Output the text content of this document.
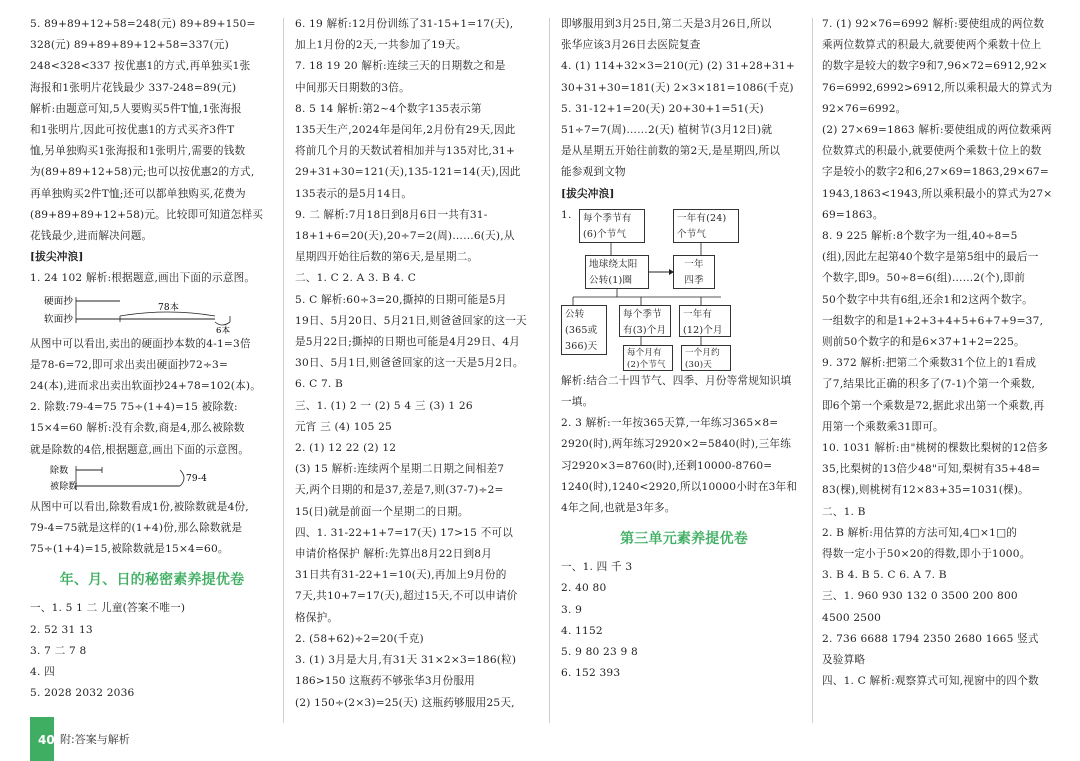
5. 89+89+12+58=248(元) 89+89+150=
328(元) 89+89+89+12+58=337(元)
248<328<337 按优惠1的方式,再单独买1张
海报和1张明片花钱最少 337-248=89(元)
解析:由题意可知,5人要购买5件T恤,1张海报
和1张明片,因此可按优惠1的方式买齐3件T
恤,另单独购买1张海报和1张明片,需要的钱数
为(89+89+12+58)元;也可以按优惠2的方式,
再单独购买2件T恤;还可以都单独购买,花费为
(89+89+89+12+58)元。比较即可知道怎样买
花钱最少,进而解决问题。
[拔尖冲浪]
1. 24 102 解析:根据题意,画出下面的示意图。
硬面抄
软面抄
78本
6本
从图中可以看出,卖出的硬面抄本数的4-1=3倍
是78-6=72,即可求出卖出硬面抄72÷3=
24(本),进而求出卖出软面抄24+78=102(本)。
2. 除数:79-4=75 75÷(1+4)=15 被除数:
15×4=60 解析:没有余数,商是4,那么被除数
就是除数的4倍,根据题意,画出下面的示意图。
除数
被除数
79-4
从图中可以看出,除数看成1份,被除数就是4份,
79-4=75就是这样的(1+4)份,那么除数就是
75÷(1+4)=15,被除数就是15×4=60。
年、月、日的秘密素养提优卷
一、1. 5 1 二 儿童(答案不唯一)
2. 52 31 13
3. 7 二 7 8
4. 四
5. 2028 2032 2036
6. 19 解析:12月份训练了31-15+1=17(天),
加上1月份的2天,一共参加了19天。
7. 18 19 20 解析:连续三天的日期数之和是
中间那天日期数的3倍。
8. 5 14 解析:第2~4个数字135表示第
135天生产,2024年是闰年,2月份有29天,因此
将前几个月的天数试着相加并与135对比,31+
29+31+30=121(天),135-121=14(天),因此
135表示的是5月14日。
9. 二 解析:7月18日到8月6日一共有31-
18+1+6=20(天),20÷7=2(周)……6(天),从
星期四开始往后数的第6天,是星期二。
二、1. C 2. A 3. B 4. C
5. C 解析:60÷3=20,撕掉的日期可能是5月
19日、5月20日、5月21日,则爸爸回家的这一天
是5月22日;撕掉的日期也可能是4月29日、4月
30日、5月1日,则爸爸回家的这一天是5月2日。
6. C 7. B
三、1. (1) 2 一 (2) 5 4 三 (3) 1 26
元宵 三 (4) 105 25
2. (1) 12 22 (2) 12
(3) 15 解析:连续两个星期二日期之间相差7
天,两个日期的和是37,差是7,则(37-7)÷2=
15(日)就是前面一个星期二的日期。
四、1. 31-22+1+7=17(天) 17>15 不可以
申请价格保护 解析:先算出8月22日到8月
31日共有31-22+1=10(天),再加上9月份的
7天,共10+7=17(天),超过15天,不可以申请价
格保护。
2. (58+62)÷2=20(千克)
3. (1) 3月是大月,有31天 31×2×3=186(粒)
186>150 这瓶药不够张华3月份服用
(2) 150÷(2×3)=25(天) 这瓶药够服用25天,
即够服用到3月25日,第二天是3月26日,所以
张华应该3月26日去医院复查
4. (1) 114+32×3=210(元) (2) 31+28+31+
30+31+30=181(天) 2×3×181=1086(千克)
5. 31-12+1=20(天) 20+30+1=51(天)
51÷7=7(周)……2(天) 植树节(3月12日)就
是从星期五开始往前数的第2天,是星期四,所以
能参观到文物
[拔尖冲浪]
1.	每个季节有(6)个节气
一年有(24)个节气
地球绕太阳公转(1)圈
一年
四季
公转(365或366)天
每个季节有(3)个月
一年有(12)个月
每个月有(2)个节气
一个月约(30)天
解析:结合二十四节气、四季、月份等常规知识填
一填。
2. 3 解析:一年按365天算,一年练习365×8=
2920(时),两年练习2920×2=5840(时),三年练
习2920×3=8760(时),还剩10000-8760=
1240(时),1240<2920,所以10000小时在3年和
4年之间,也就是3年多。
第三单元素养提优卷
一、1. 四 千 3
2. 40 80
3. 9
4. 1152
5. 9 80 23 9 8
6. 152 393
7. (1) 92×76=6992 解析:要使组成的两位数
乘两位数算式的积最大,就要使两个乘数十位上
的数字是较大的数字9和7,96×72=6912,92×
76=6992,6992>6912,所以乘积最大的算式为
92×76=6992。
(2) 27×69=1863 解析:要使组成的两位数乘两
位数算式的积最小,就要使两个乘数十位上的数
字是较小的数字2和6,27×69=1863,29×67=
1943,1863<1943,所以乘积最小的算式为27×
69=1863。
8. 9 225 解析:8个数字为一组,40÷8=5
(组),因此左起第40个数字是第5组中的最后一
个数字,即9。50÷8=6(组)……2(个),即前
50个数字中共有6组,还余1和2这两个数字。
一组数字的和是1+2+3+4+5+6+7+9=37,
则前50个数字的和是6×37+1+2=225。
9. 372 解析:把第二个乘数31个位上的1看成
了7,结果比正确的积多了(7-1)个第一个乘数,
即6个第一个乘数是72,据此求出第一个乘数,再
用第一个乘数乘31即可。
10. 1031 解析:由"桃树的棵数比梨树的12倍多
35,比梨树的13倍少48"可知,梨树有35+48=
83(棵),则桃树有12×83+35=1031(棵)。
二、1. B
2. B 解析:用估算的方法可知,4□×1□的
得数一定小于50×20的得数,即小于1000。
3. B 4. B 5. C 6. A 7. B
三、1. 960 930 132 0 3500 200 800
4500 2500
2. 736 6688 1794 2350 2680 1665 竖式
及验算略
四、1. C 解析:观察算式可知,视窗中的四个数
40 附:答案与解析
